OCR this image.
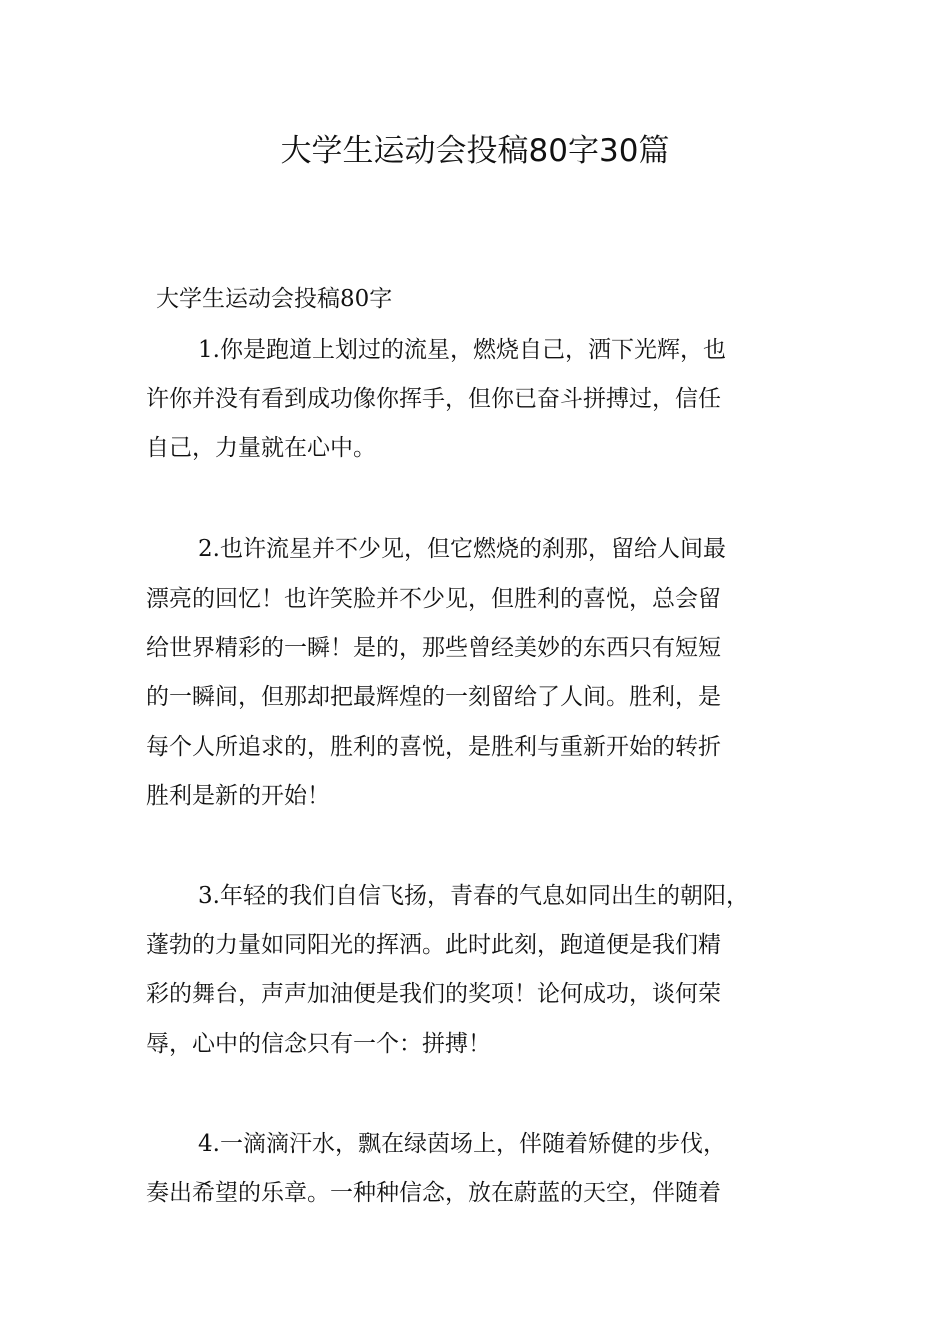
大学生运动会投稿80字30篇
大学生运动会投稿80字

1.你是跑道上划过的流星，燃烧自己，洒下光辉，也

许你并没有看到成功像你挥手，但你已奋斗拼搏过，信任

自己，力量就在心中。

2.也许流星并不少见，但它燃烧的刹那，留给人间最

漂亮的回忆！也许笑脸并不少见，但胜利的喜悦，总会留

给世界精彩的一瞬！是的，那些曾经美妙的东西只有短短

的一瞬间，但那却把最辉煌的一刻留给了人间。胜利，是

每个人所追求的，胜利的喜悦，是胜利与重新开始的转折

胜利是新的开始！

3.年轻的我们自信飞扬，青春的气息如同出生的朝阳，

蓬勃的力量如同阳光的挥洒。此时此刻，跑道便是我们精

彩的舞台，声声加油便是我们的奖项！论何成功，谈何荣

辱，心中的信念只有一个：拼搏！

4.一滴滴汗水，飘在绿茵场上，伴随着矫健的步伐，

奏出希望的乐章。一种种信念，放在蔚蓝的天空，伴随着
